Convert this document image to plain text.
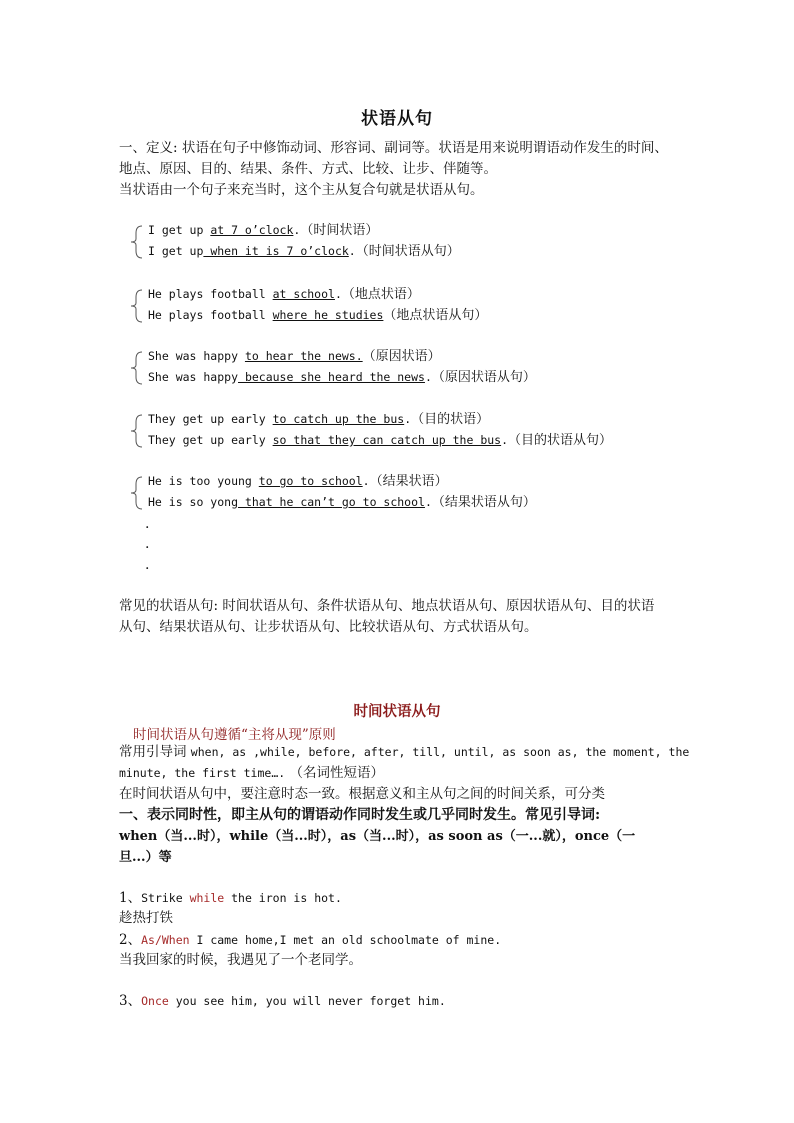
状语从句
一、定义: 状语在句子中修饰动词、形容词、副词等。状语是用来说明谓语动作发生的时间、
地点、原因、目的、结果、条件、方式、比较、让步、伴随等。
当状语由一个句子来充当时，这个主从复合句就是状语从句。
I get up at 7 o’clock.（时间状语）
I get up when it is 7 o’clock.（时间状语从句）
He plays football at school.（地点状语）
He plays football where he studies（地点状语从句）
She was happy to hear the news.（原因状语）
She was happy because she heard the news.（原因状语从句）
They get up early to catch up the bus.（目的状语）
They get up early so that they can catch up the bus.（目的状语从句）
He is too young to go to school.（结果状语）
He is so yong that he can’t go to school.（结果状语从句）
.
.
.
常见的状语从句: 时间状语从句、条件状语从句、地点状语从句、原因状语从句、目的状语
从句、结果状语从句、让步状语从句、比较状语从句、方式状语从句。
时间状语从句
时间状语从句遵循“主将从现”原则
常用引导词 when, as ,while, before, after, till, until, as soon as, the moment, the
minute, the first time…. （名词性短语）
在时间状语从句中，要注意时态一致。根据意义和主从句之间的时间关系，可分类
一、表示同时性，即主从句的谓语动作同时发生或几乎同时发生。常见引导词:
when（当...时），while（当...时），as（当...时），as soon as（一...就），once（一
旦...）等
1、Strike while the iron is hot.
趁热打铁
2、As/When I came home,I met an old schoolmate of mine.
当我回家的时候，我遇见了一个老同学。
3、Once you see him, you will never forget him.
